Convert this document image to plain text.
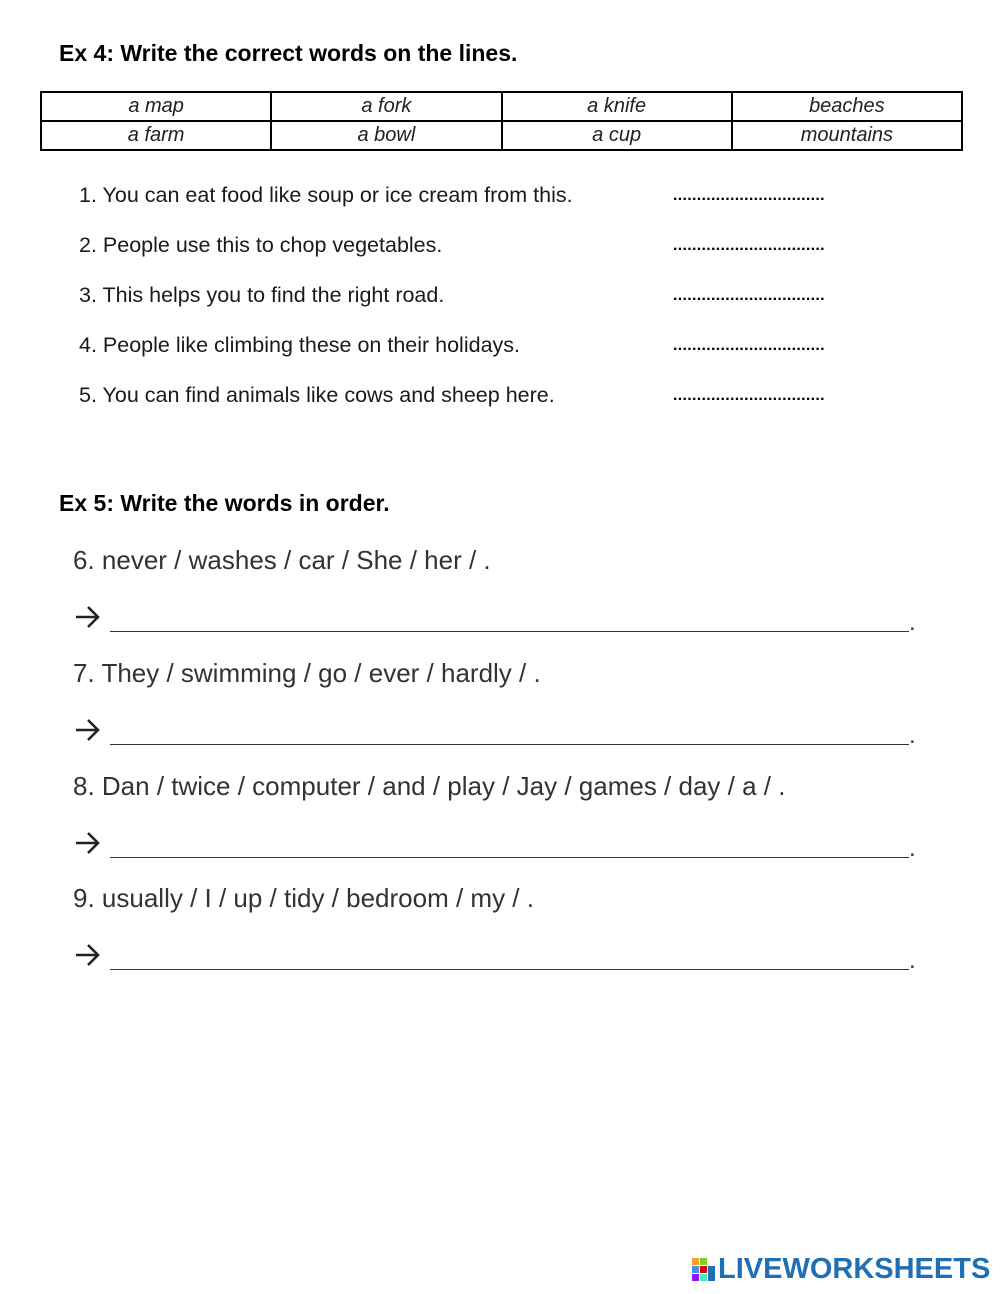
Ex 4: Write the correct words on the lines.
a map	a fork	a knife	beaches
a farm	a bowl	a cup	mountains
1. You can eat food like soup or ice cream from this.	................................
2. People use this to chop vegetables.	................................
3. This helps you to find the right road.	................................
4. People like climbing these on their holidays.	................................
5. You can find animals like cows and sheep here.	................................
Ex 5: Write the words in order.
6. never / washes / car / She / her / .
.
7. They / swimming / go / ever / hardly / .
.
8. Dan / twice / computer / and / play / Jay / games / day / a / .
.
9. usually / I / up / tidy / bedroom / my / .
.
LIVEWORKSHEETS
